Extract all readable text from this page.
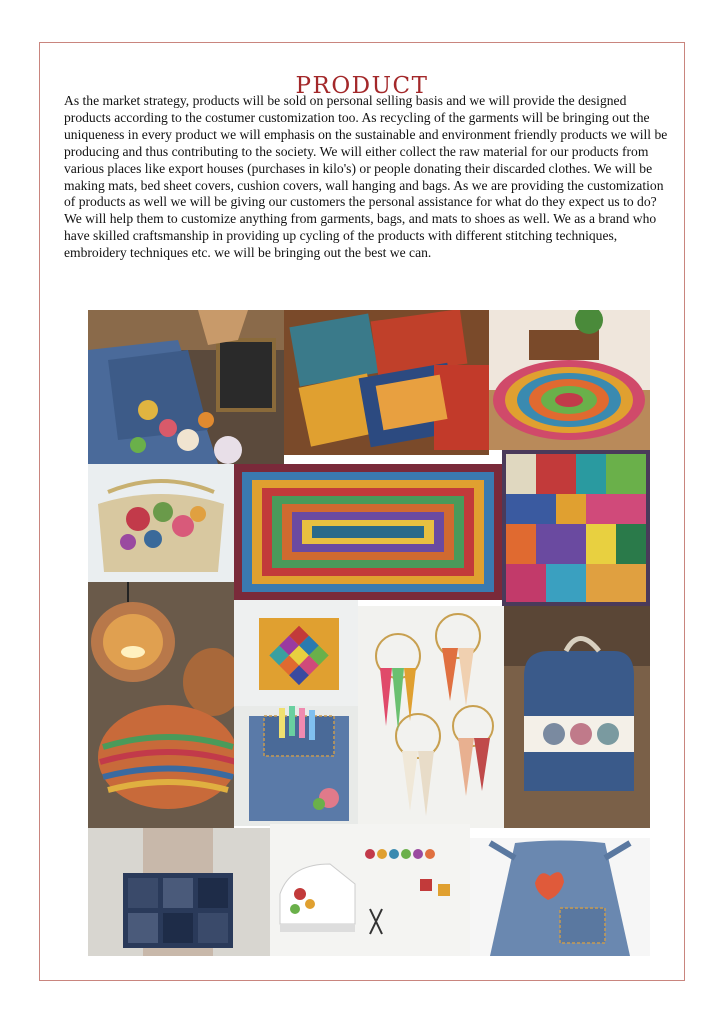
PRODUCT

As the market strategy, products will be sold on personal selling basis and we will provide the designed products according to the costumer customization too. As recycling of the garments will be bringing out the uniqueness in every product we will emphasis on the sustainable and environment friendly products we will be producing and thus contributing to the society. We will either collect the raw material for our products from various places like export houses (purchases in kilo's) or people donating their discarded clothes. We will be making mats, bed sheet covers, cushion covers, wall hanging and bags. As we are providing the customization of products as well we will be giving our customers the personal assistance for what do they expect us to do? We will help them to customize anything from garments, bags, and mats to shoes as well. We as a brand who have skilled craftsmanship in providing up cycling of the products with different stitching techniques, embroidery techniques etc. we will be bringing out the best we can.
